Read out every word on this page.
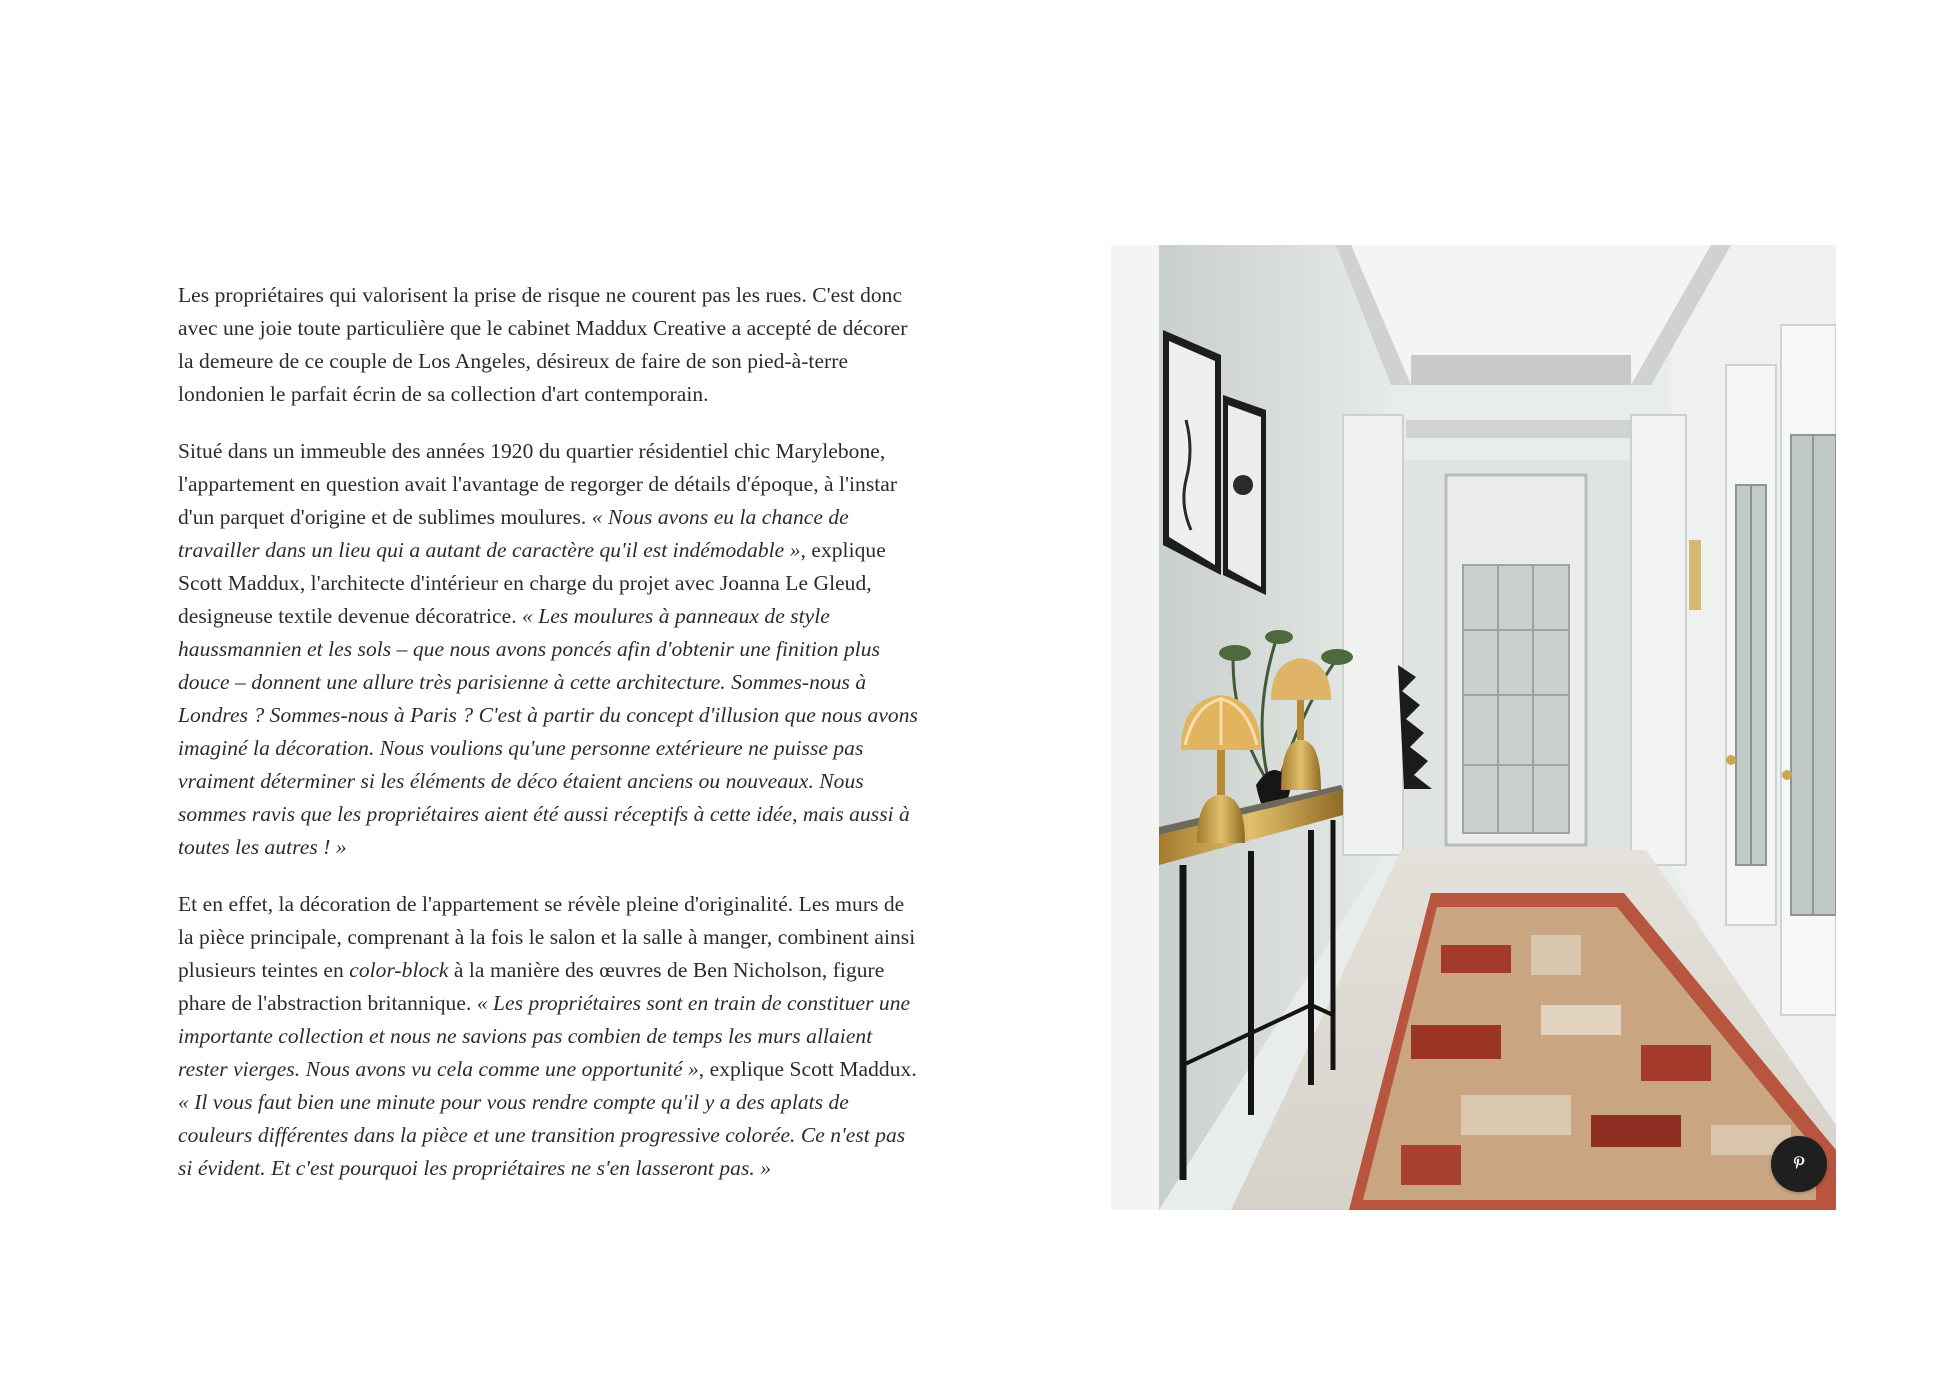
Les propriétaires qui valorisent la prise de risque ne courent pas les rues. C'est donc avec une joie toute particulière que le cabinet Maddux Creative a accepté de décorer la demeure de ce couple de Los Angeles, désireux de faire de son pied-à-terre londonien le parfait écrin de sa collection d'art contemporain.

Situé dans un immeuble des années 1920 du quartier résidentiel chic Marylebone, l'appartement en question avait l'avantage de regorger de détails d'époque, à l'instar d'un parquet d'origine et de sublimes moulures. « Nous avons eu la chance de travailler dans un lieu qui a autant de caractère qu'il est indémodable », explique Scott Maddux, l'architecte d'intérieur en charge du projet avec Joanna Le Gleud, designeuse textile devenue décoratrice. « Les moulures à panneaux de style haussmannien et les sols – que nous avons poncés afin d'obtenir une finition plus douce – donnent une allure très parisienne à cette architecture. Sommes-nous à Londres ? Sommes-nous à Paris ? C'est à partir du concept d'illusion que nous avons imaginé la décoration. Nous voulions qu'une personne extérieure ne puisse pas vraiment déterminer si les éléments de déco étaient anciens ou nouveaux. Nous sommes ravis que les propriétaires aient été aussi réceptifs à cette idée, mais aussi à toutes les autres ! »

Et en effet, la décoration de l'appartement se révèle pleine d'originalité. Les murs de la pièce principale, comprenant à la fois le salon et la salle à manger, combinent ainsi plusieurs teintes en color-block à la manière des œuvres de Ben Nicholson, figure phare de l'abstraction britannique. « Les propriétaires sont en train de constituer une importante collection et nous ne savions pas combien de temps les murs allaient rester vierges. Nous avons vu cela comme une opportunité », explique Scott Maddux. « Il vous faut bien une minute pour vous rendre compte qu'il y a des aplats de couleurs différentes dans la pièce et une transition progressive colorée. Ce n'est pas si évident. Et c'est pourquoi les propriétaires ne s'en lasseront pas. »
